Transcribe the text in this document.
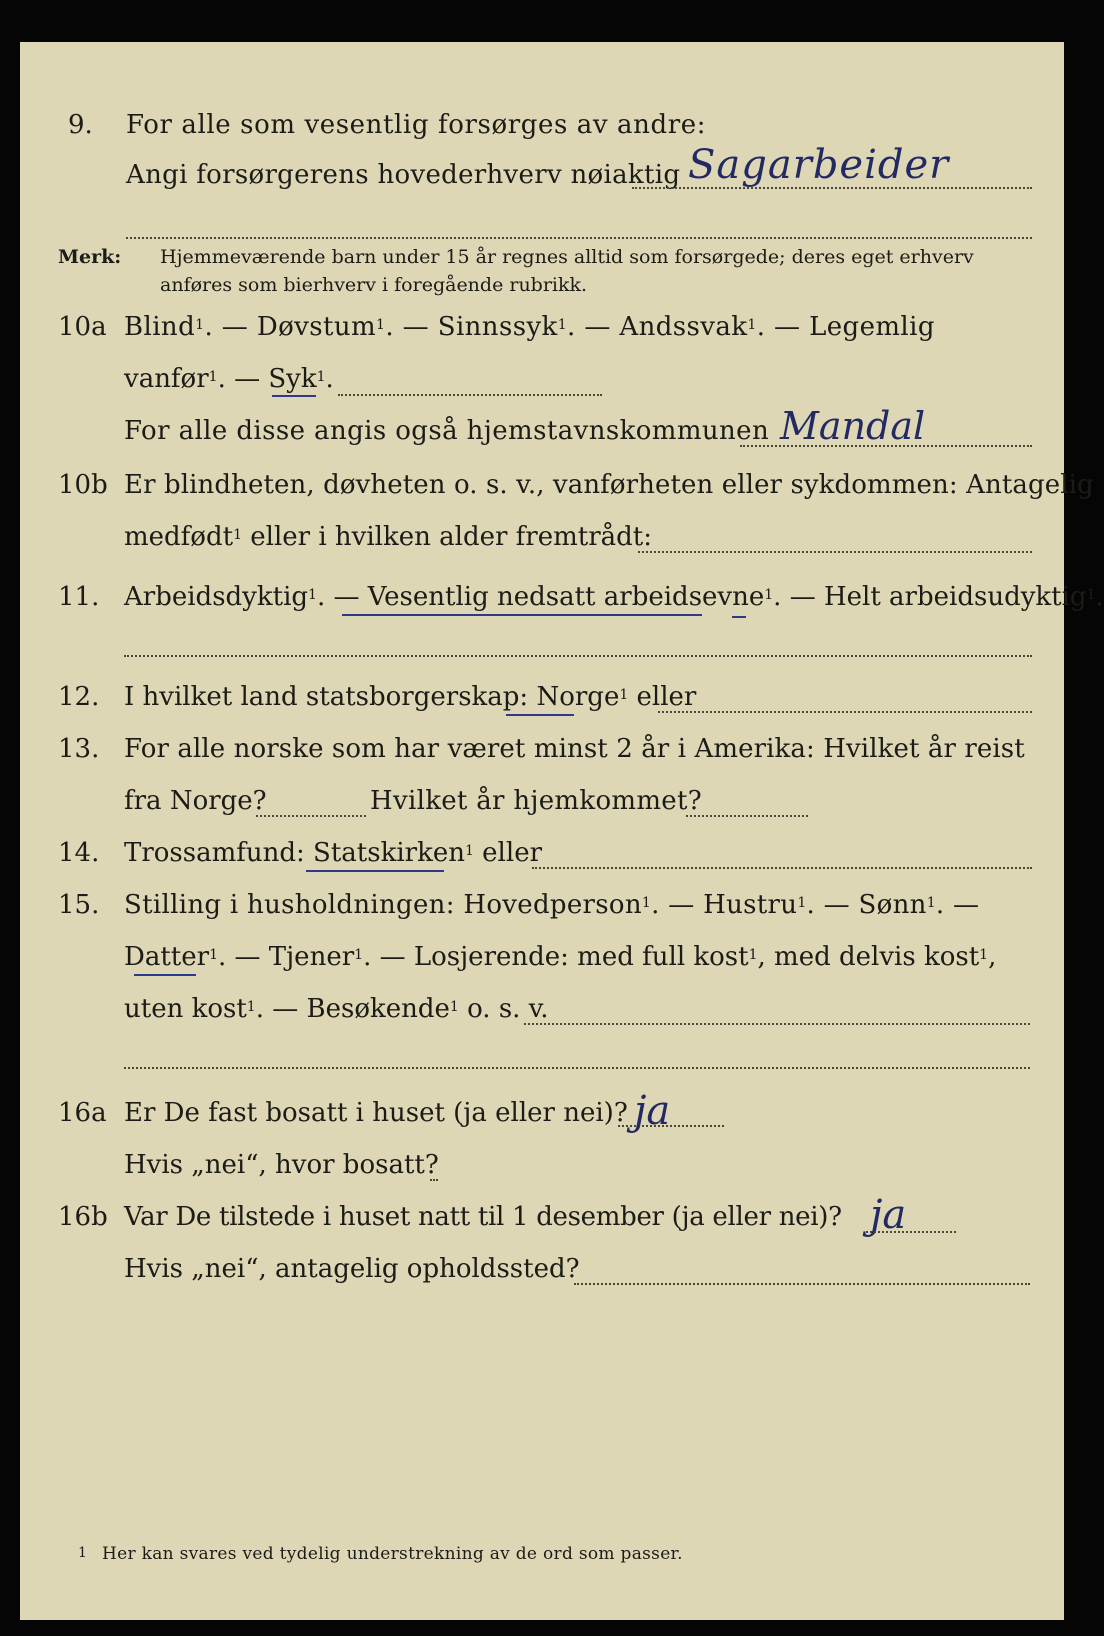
9. For alle som vesentlig forsørges av andre:
Angi forsørgerens hovederhverv nøiaktig Sagarbeider
Merk: Hjemmeværende barn under 15 år regnes alltid som forsørgede; deres eget erhverv
anføres som bierhverv i foregående rubrikk.
10a Blind$^1$. — Døvstum$^1$. — Sinnssyk$^1$. — Andssvak$^1$. — Legemlig
vanfør$^1$. — Syk$^1$.
For alle disse angis også hjemstavnskommunen Mandal
10b Er blindheten, døvheten o. s. v., vanførheten eller sykdommen: Antagelig
medfødt$^1$ eller i hvilken alder fremtrådt:
11. Arbeidsdyktig$^1$. — Vesentlig nedsatt arbeidsevne$^1$. — Helt arbeidsudyktig$^1$.
12. I hvilket land statsborgerskap: Norge$^1$ eller
13. For alle norske som har været minst 2 år i Amerika: Hvilket år reist
fra Norge?	Hvilket år hjemkommet?
14. Trossamfund: Statskirken$^1$ eller
15. Stilling i husholdningen: Hovedperson$^1$. — Hustru$^1$. — Sønn$^1$. —
Datter$^1$. — Tjener$^1$. — Losjerende: med full kost$^1$, med delvis kost$^1$,
uten kost$^1$. — Besøkende$^1$ o. s. v.
16a Er De fast bosatt i huset (ja eller nei)? ja
Hvis „nei“, hvor bosatt?
16b Var De tilstede i huset natt til 1 desember (ja eller nei)? ja
Hvis „nei“, antagelig opholdssted?
1 Her kan svares ved tydelig understrekning av de ord som passer.
